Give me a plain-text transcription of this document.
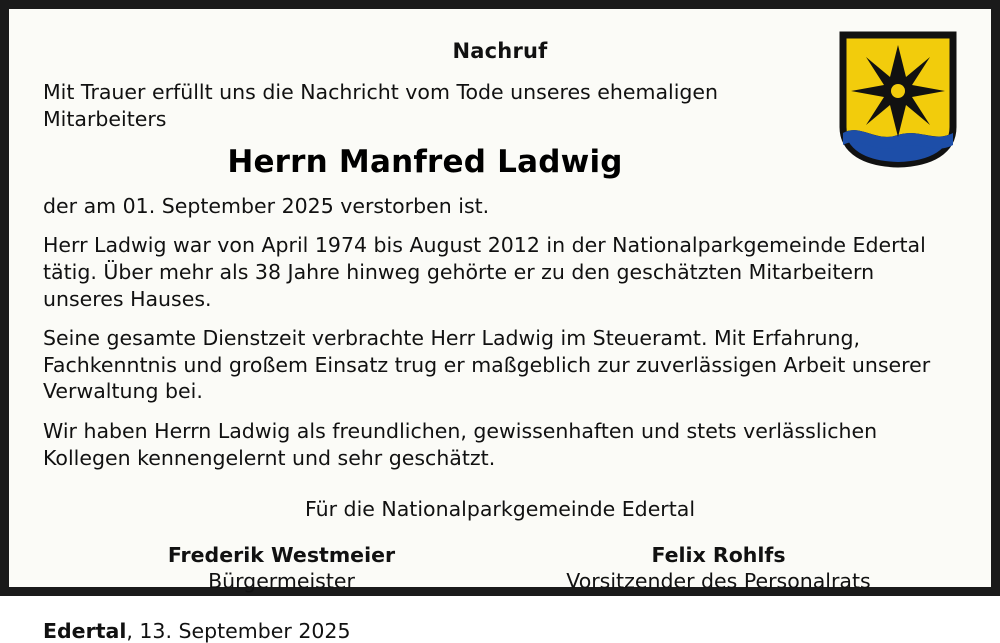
Nachruf
Mit Trauer erfüllt uns die Nachricht vom Tode unseres ehemaligen Mitarbeiters
Herrn Manfred Ladwig
der am 01. September 2025 verstorben ist.
Herr Ladwig war von April 1974 bis August 2012 in der Nationalparkgemeinde Edertal tätig. Über mehr als 38 Jahre hinweg gehörte er zu den geschätzten Mitarbeitern unseres Hauses.
Seine gesamte Dienstzeit verbrachte Herr Ladwig im Steueramt. Mit Erfahrung, Fachkenntnis und großem Einsatz trug er maßgeblich zur zuverlässigen Arbeit unserer Verwaltung bei.
Wir haben Herrn Ladwig als freundlichen, gewissenhaften und stets verlässlichen Kollegen kennengelernt und sehr geschätzt.
Für die Nationalparkgemeinde Edertal
Frederik Westmeier
Bürgermeister
Felix Rohlfs
Vorsitzender des Personalrats
Edertal, 13. September 2025
